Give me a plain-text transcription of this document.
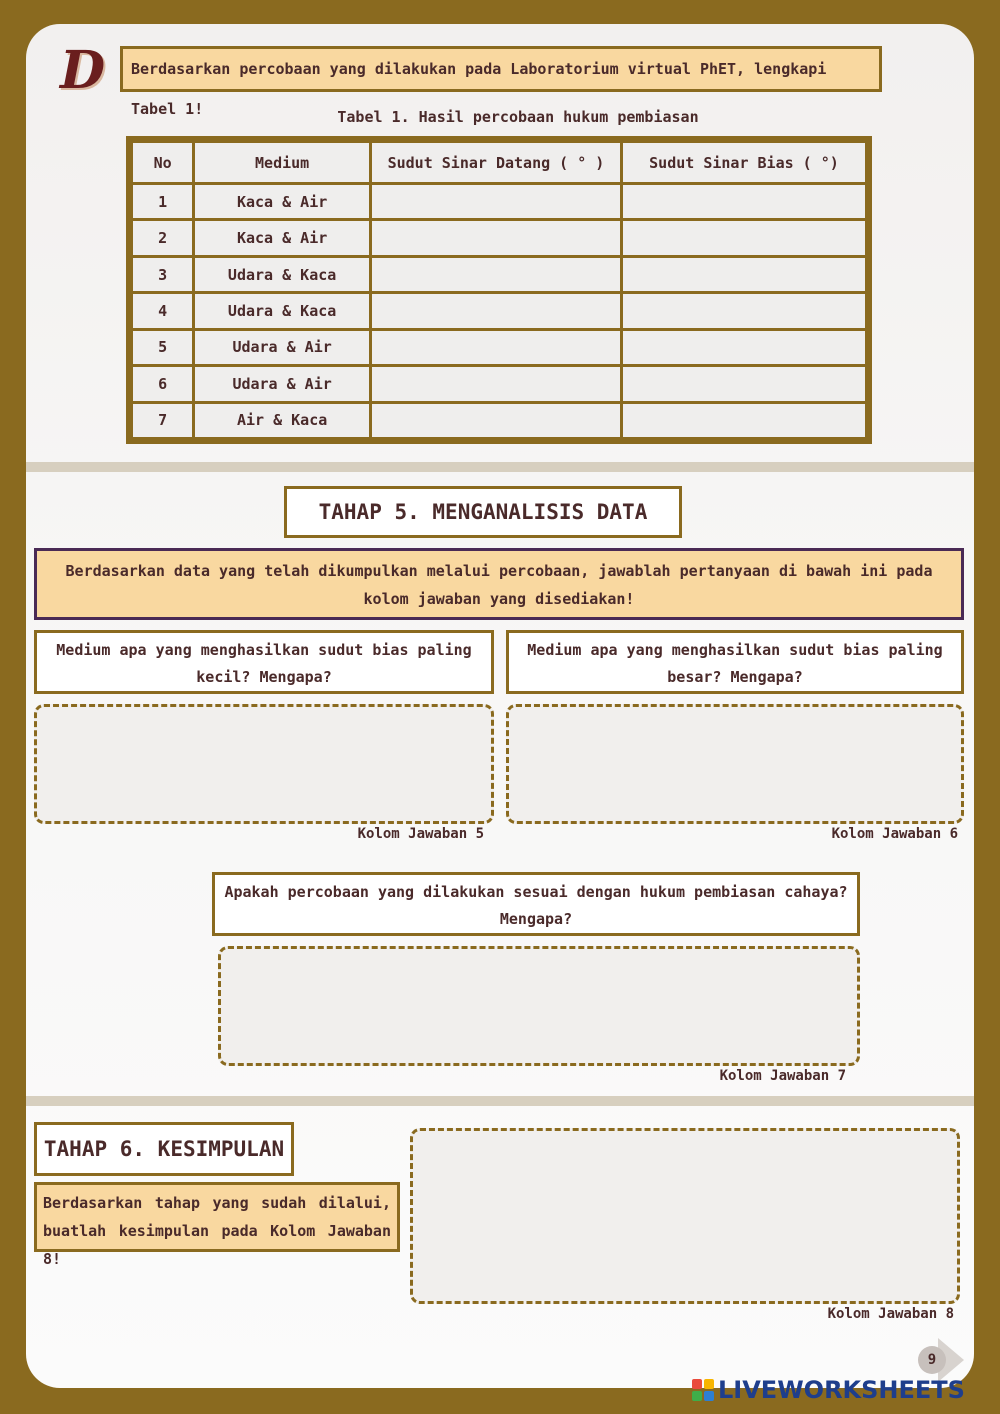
D	Berdasarkan percobaan yang dilakukan pada Laboratorium virtual PhET, lengkapi Tabel 1!	Tabel 1. Hasil percobaan hukum pembiasan
No	Medium	Sudut Sinar Datang ( ° )	Sudut Sinar Bias ( °)
1	Kaca & Air		
2	Kaca & Air		
3	Udara & Kaca		
4	Udara & Kaca		
5	Udara & Air		
6	Udara & Air		
7	Air & Kaca		
TAHAP 5. MENGANALISIS DATA
Berdasarkan data yang telah dikumpulkan melalui percobaan, jawablah pertanyaan di bawah ini pada kolom jawaban yang disediakan!
Medium apa yang menghasilkan sudut bias paling kecil? Mengapa?
Medium apa yang menghasilkan sudut bias paling besar? Mengapa?
Kolom Jawaban 5	Kolom Jawaban 6
Apakah percobaan yang dilakukan sesuai dengan hukum pembiasan cahaya? Mengapa?
Kolom Jawaban 7
TAHAP 6. KESIMPULAN
Berdasarkan tahap yang sudah dilalui, buatlah kesimpulan pada Kolom Jawaban 8!
Kolom Jawaban 8
9
LIVEWORKSHEETS
